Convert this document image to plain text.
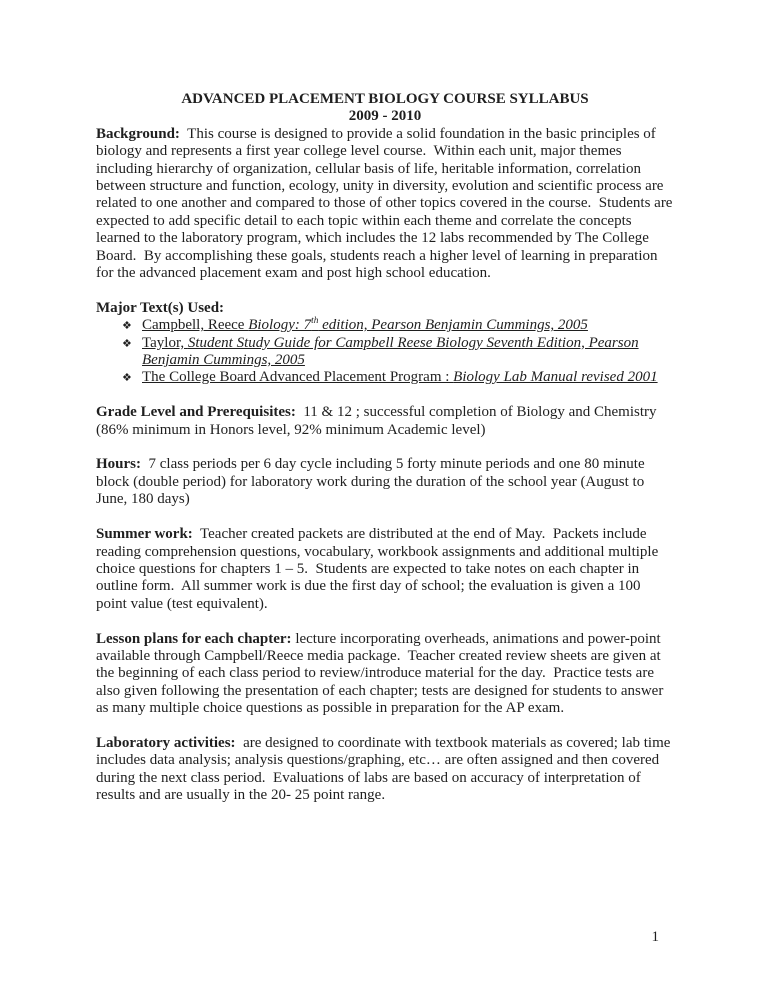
ADVANCED PLACEMENT BIOLOGY COURSE SYLLABUS
2009 - 2010

Background:  This course is designed to provide a solid foundation in the basic principles of biology and represents a first year college level course.  Within each unit, major themes including hierarchy of organization, cellular basis of life, heritable information, correlation between structure and function, ecology, unity in diversity, evolution and scientific process are related to one another and compared to those of other topics covered in the course.  Students are expected to add specific detail to each topic within each theme and correlate the concepts learned to the laboratory program, which includes the 12 labs recommended by The College Board.  By accomplishing these goals, students reach a higher level of learning in preparation for the advanced placement exam and post high school education.

Major Text(s) Used:
❖ Campbell, Reece Biology: 7th edition, Pearson Benjamin Cummings, 2005
❖ Taylor, Student Study Guide for Campbell Reese Biology Seventh Edition, Pearson Benjamin Cummings, 2005
❖ The College Board Advanced Placement Program : Biology Lab Manual revised 2001

Grade Level and Prerequisites:  11 & 12 ; successful completion of Biology and Chemistry (86% minimum in Honors level, 92% minimum Academic level)

Hours:  7 class periods per 6 day cycle including 5 forty minute periods and one 80 minute block (double period) for laboratory work during the duration of the school year (August to June, 180 days)

Summer work:  Teacher created packets are distributed at the end of May.  Packets include reading comprehension questions, vocabulary, workbook assignments and additional multiple choice questions for chapters 1 – 5.  Students are expected to take notes on each chapter in outline form.  All summer work is due the first day of school; the evaluation is given a 100 point value (test equivalent).

Lesson plans for each chapter: lecture incorporating overheads, animations and power-point available through Campbell/Reece media package.  Teacher created review sheets are given at the beginning of each class period to review/introduce material for the day.  Practice tests are also given following the presentation of each chapter; tests are designed for students to answer as many multiple choice questions as possible in preparation for the AP exam.

Laboratory activities:  are designed to coordinate with textbook materials as covered; lab time includes data analysis; analysis questions/graphing, etc… are often assigned and then covered during the next class period.  Evaluations of labs are based on accuracy of interpretation of results and are usually in the 20- 25 point range.

1
